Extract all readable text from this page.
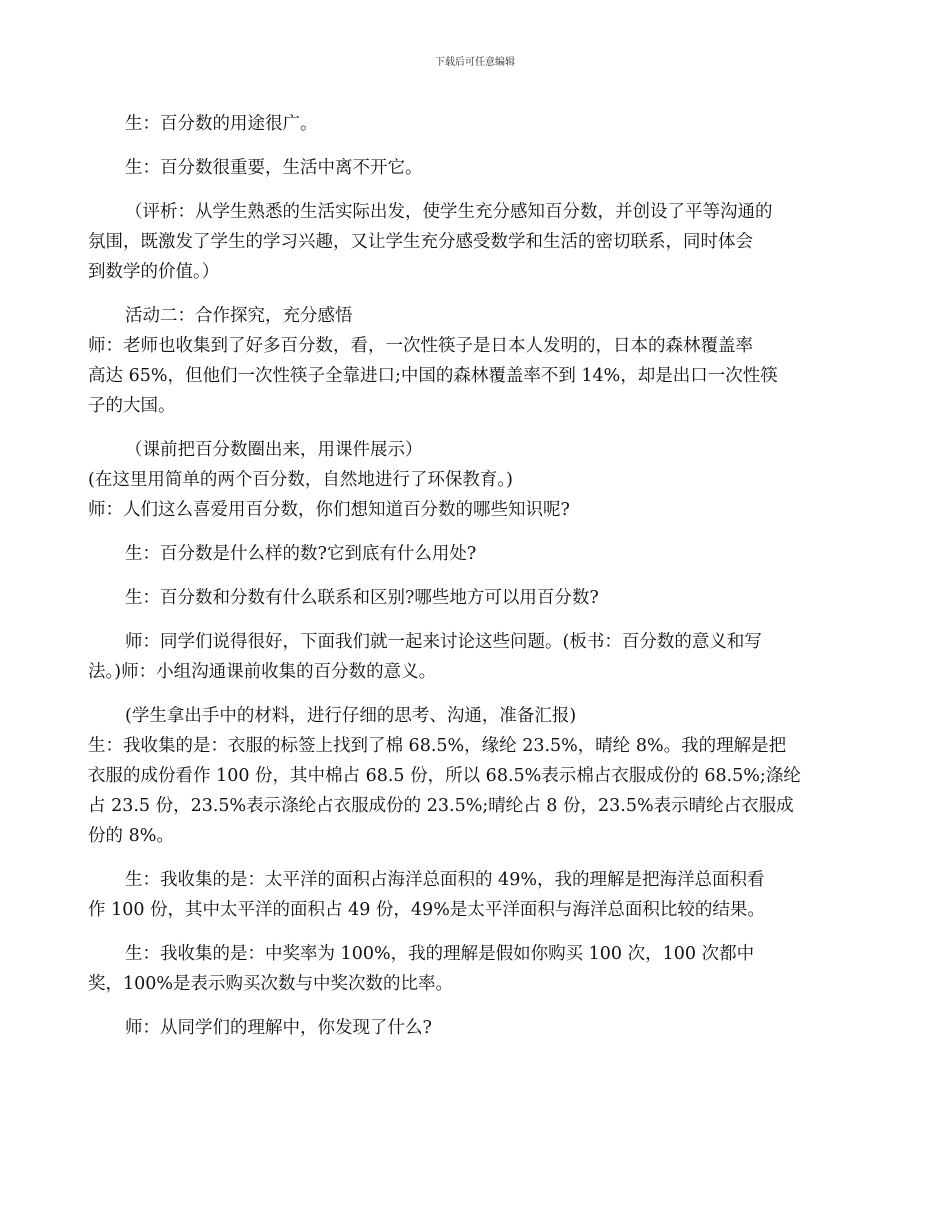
下载后可任意编辑
生：百分数的用途很广。
生：百分数很重要，生活中离不开它。
（评析：从学生熟悉的生活实际出发，使学生充分感知百分数，并创设了平等沟通的
氛围，既激发了学生的学习兴趣，又让学生充分感受数学和生活的密切联系，同时体会
到数学的价值。）
活动二：合作探究，充分感悟
师：老师也收集到了好多百分数，看，一次性筷子是日本人发明的，日本的森林覆盖率
高达 65%，但他们一次性筷子全靠进口;中国的森林覆盖率不到 14%，却是出口一次性筷
子的大国。
（课前把百分数圈出来，用课件展示）
(在这里用简单的两个百分数，自然地进行了环保教育。)
师：人们这么喜爱用百分数，你们想知道百分数的哪些知识呢?
生：百分数是什么样的数?它到底有什么用处?
生：百分数和分数有什么联系和区别?哪些地方可以用百分数?
师：同学们说得很好，下面我们就一起来讨论这些问题。(板书：百分数的意义和写
法。)师：小组沟通课前收集的百分数的意义。
(学生拿出手中的材料，进行仔细的思考、沟通，准备汇报)
生：我收集的是：衣服的标签上找到了棉 68.5%，缘纶 23.5%，晴纶 8%。我的理解是把
衣服的成份看作 100 份，其中棉占 68.5 份，所以 68.5%表示棉占衣服成份的 68.5%;涤纶
占 23.5 份，23.5%表示涤纶占衣服成份的 23.5%;晴纶占 8 份，23.5%表示晴纶占衣服成
份的 8%。
生：我收集的是：太平洋的面积占海洋总面积的 49%，我的理解是把海洋总面积看
作 100 份，其中太平洋的面积占 49 份，49%是太平洋面积与海洋总面积比较的结果。
生：我收集的是：中奖率为 100%，我的理解是假如你购买 100 次，100 次都中
奖，100%是表示购买次数与中奖次数的比率。
师：从同学们的理解中，你发现了什么?
